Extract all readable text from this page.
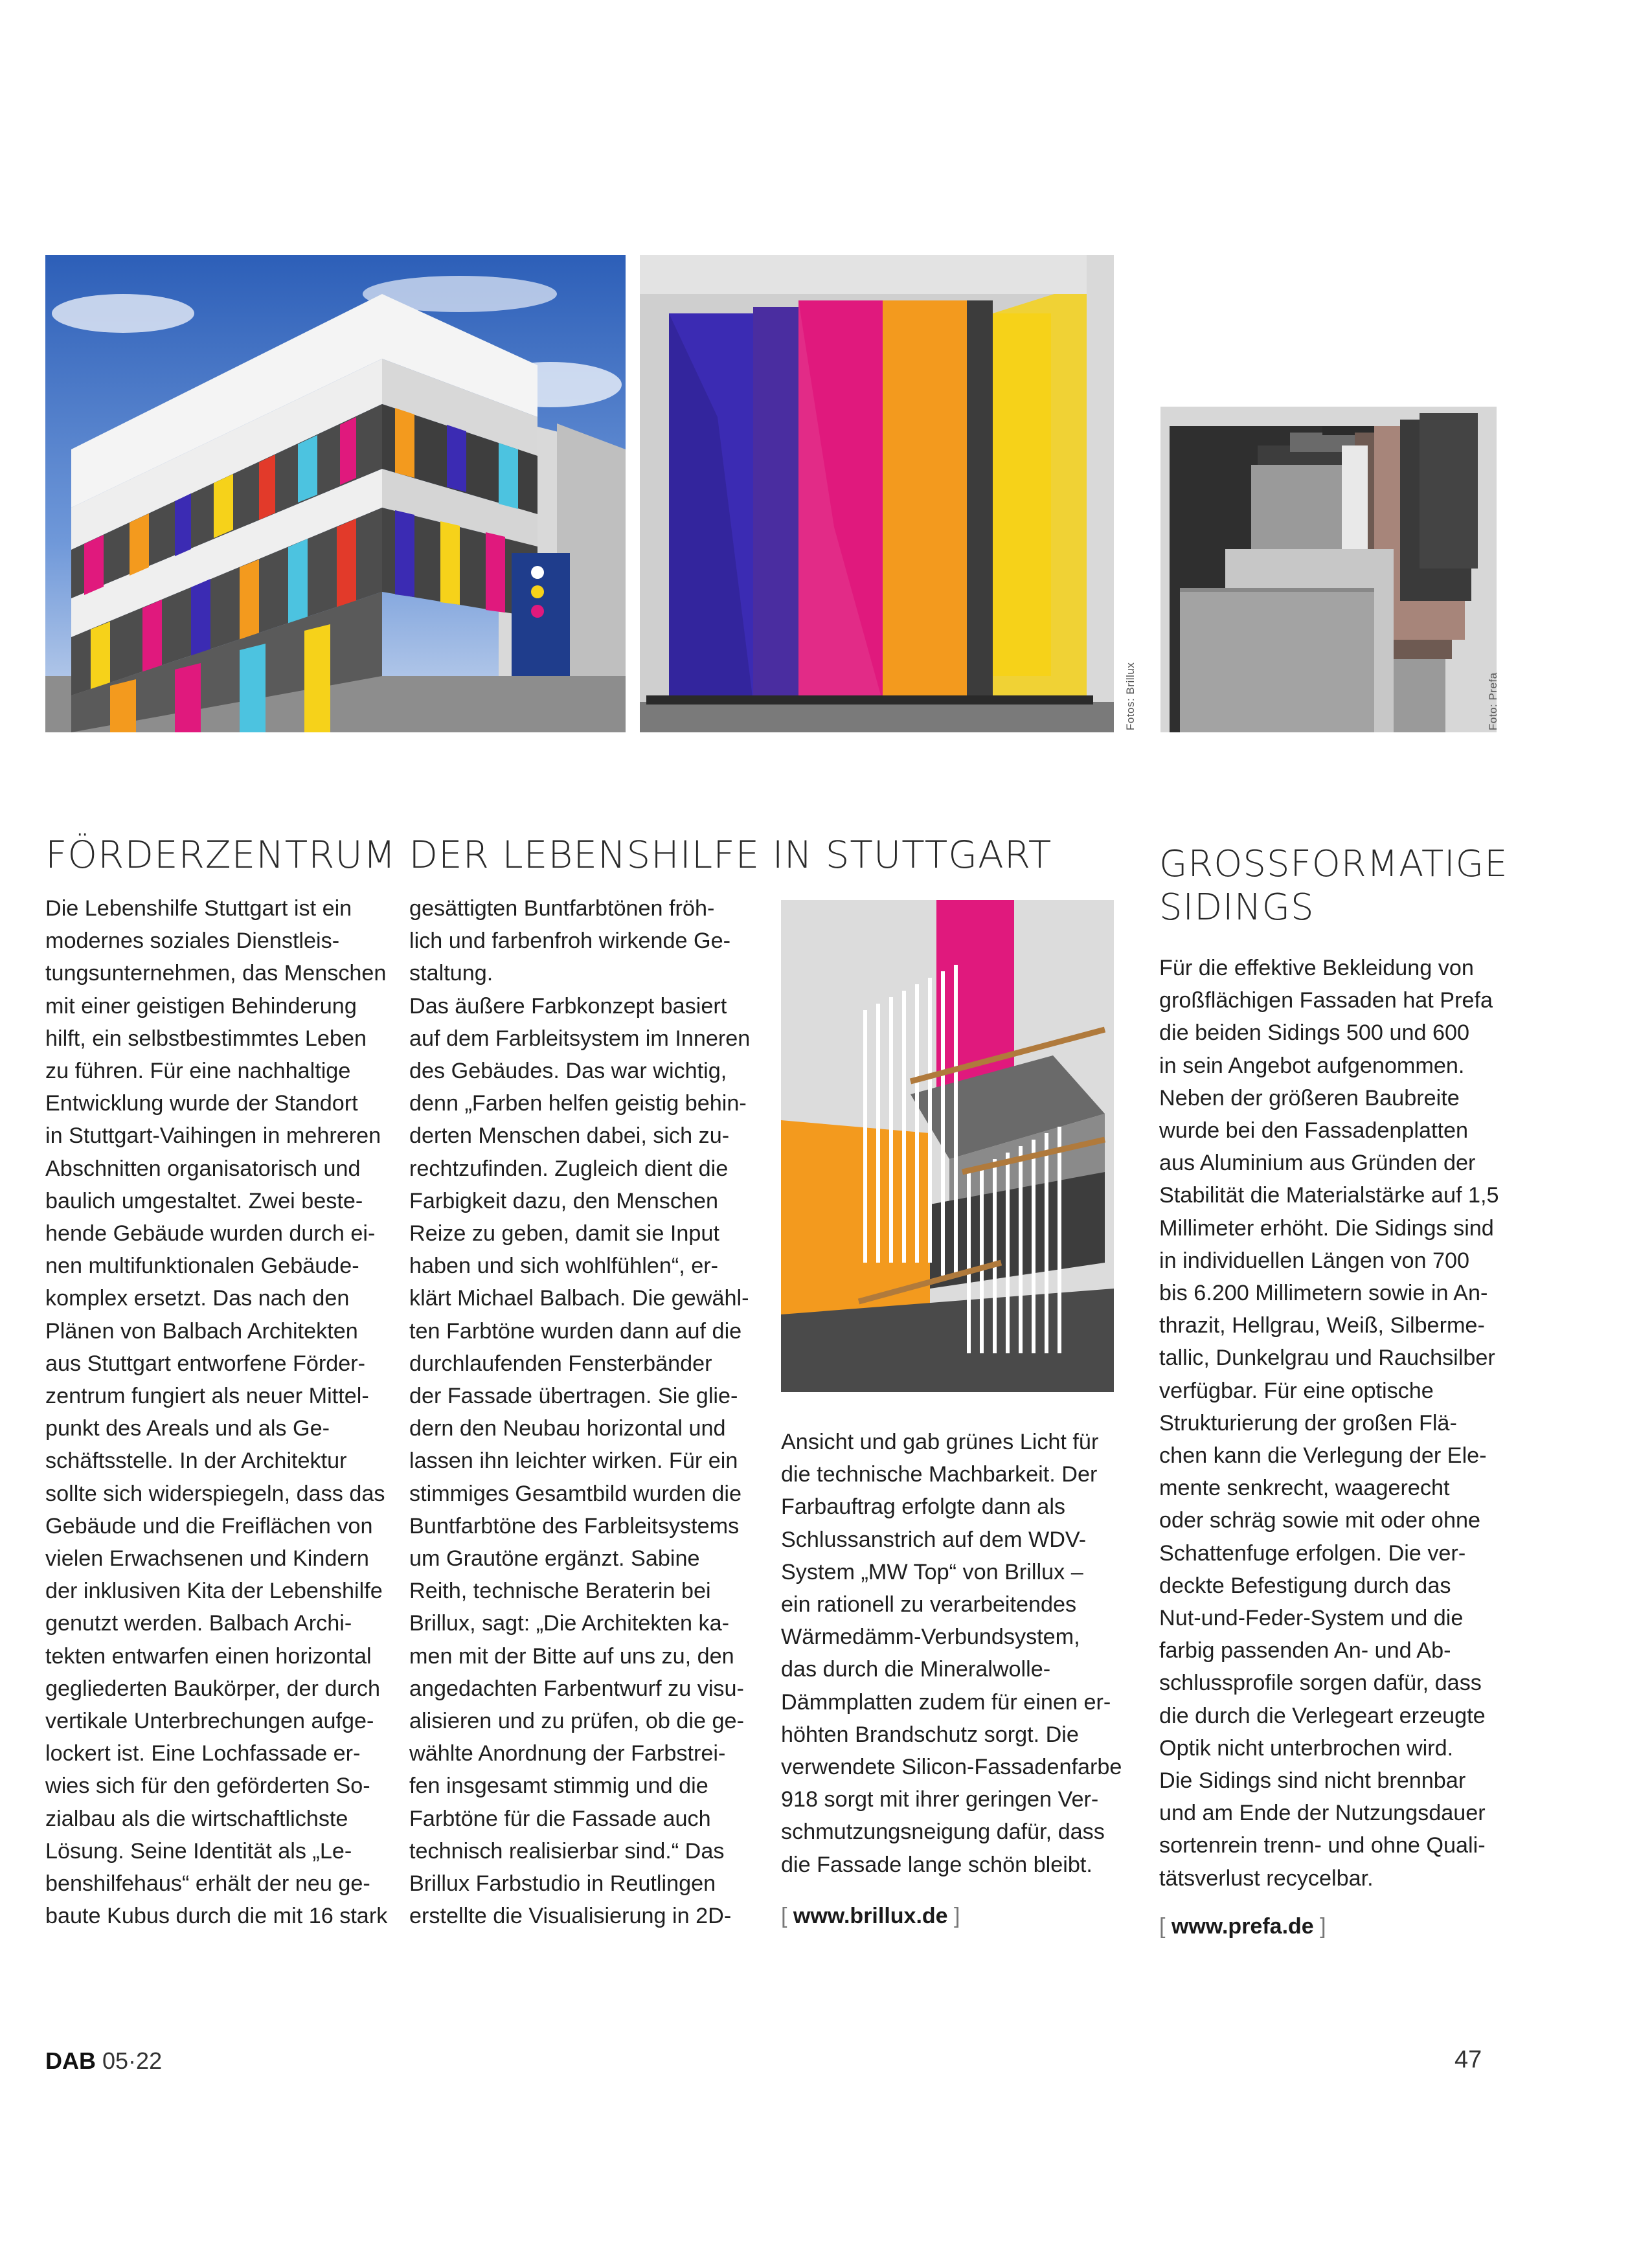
Fotos: Brillux	Foto: Prefa
FÖRDERZENTRUM DER LEBENSHILFE IN STUTTGART
Die Lebenshilfe Stuttgart ist ein
modernes soziales Dienstleis-
tungsunternehmen, das Menschen
mit einer geistigen Behinderung
hilft, ein selbstbestimmtes Leben
zu führen. Für eine nachhaltige
Entwicklung wurde der Standort
in Stuttgart-Vaihingen in mehreren
Abschnitten organisatorisch und
baulich umgestaltet. Zwei beste-
hende Gebäude wurden durch ei-
nen multifunktionalen Gebäude-
komplex ersetzt. Das nach den
Plänen von Balbach Architekten
aus Stuttgart entworfene Förder-
zentrum fungiert als neuer Mittel-
punkt des Areals und als Ge-
schäftsstelle. In der Architektur
sollte sich widerspiegeln, dass das
Gebäude und die Freiflächen von
vielen Erwachsenen und Kindern
der inklusiven Kita der Lebenshilfe
genutzt werden. Balbach Archi-
tekten entwarfen einen horizontal
gegliederten Baukörper, der durch
vertikale Unterbrechungen aufge-
lockert ist. Eine Lochfassade er-
wies sich für den geförderten So-
zialbau als die wirtschaftlichste
Lösung. Seine Identität als „Le-
benshilfehaus“ erhält der neu ge-
baute Kubus durch die mit 16 stark
gesättigten Buntfarbtönen fröh-
lich und farbenfroh wirkende Ge-
staltung.
Das äußere Farbkonzept basiert
auf dem Farbleitsystem im Inneren
des Gebäudes. Das war wichtig,
denn „Farben helfen geistig behin-
derten Menschen dabei, sich zu-
rechtzufinden. Zugleich dient die
Farbigkeit dazu, den Menschen
Reize zu geben, damit sie Input
haben und sich wohlfühlen“, er-
klärt Michael Balbach. Die gewähl-
ten Farbtöne wurden dann auf die
durchlaufenden Fensterbänder
der Fassade übertragen. Sie glie-
dern den Neubau horizontal und
lassen ihn leichter wirken. Für ein
stimmiges Gesamtbild wurden die
Buntfarbtöne des Farbleitsystems
um Grautöne ergänzt. Sabine
Reith, technische Beraterin bei
Brillux, sagt: „Die Architekten ka-
men mit der Bitte auf uns zu, den
angedachten Farbentwurf zu visu-
alisieren und zu prüfen, ob die ge-
wählte Anordnung der Farbstrei-
fen insgesamt stimmig und die
Farbtöne für die Fassade auch
technisch realisierbar sind.“ Das
Brillux Farbstudio in Reutlingen
erstellte die Visualisierung in 2D-
Ansicht und gab grünes Licht für
die technische Machbarkeit. Der
Farbauftrag erfolgte dann als
Schlussanstrich auf dem WDV-
System „MW Top“ von Brillux –
ein rationell zu verarbeitendes
Wärmedämm-Verbundsystem,
das durch die Mineralwolle-
Dämmplatten zudem für einen er-
höhten Brandschutz sorgt. Die
verwendete Silicon-Fassadenfarbe
918 sorgt mit ihrer geringen Ver-
schmutzungsneigung dafür, dass
die Fassade lange schön bleibt.
[ www.brillux.de ]
GROSSFORMATIGE
SIDINGS
Für die effektive Bekleidung von
großflächigen Fassaden hat Prefa
die beiden Sidings 500 und 600
in sein Angebot aufgenommen.
Neben der größeren Baubreite
wurde bei den Fassadenplatten
aus Aluminium aus Gründen der
Stabilität die Materialstärke auf 1,5
Millimeter erhöht. Die Sidings sind
in individuellen Längen von 700
bis 6.200 Millimetern sowie in An-
thrazit, Hellgrau, Weiß, Silberme-
tallic, Dunkelgrau und Rauchsilber
verfügbar. Für eine optische
Strukturierung der großen Flä-
chen kann die Verlegung der Ele-
mente senkrecht, waagerecht
oder schräg sowie mit oder ohne
Schattenfuge erfolgen. Die ver-
deckte Befestigung durch das
Nut-und-Feder-System und die
farbig passenden An- und Ab-
schlussprofile sorgen dafür, dass
die durch die Verlegeart erzeugte
Optik nicht unterbrochen wird.
Die Sidings sind nicht brennbar
und am Ende der Nutzungsdauer
sortenrein trenn- und ohne Quali-
tätsverlust recycelbar.
[ www.prefa.de ]
DAB 05·22	47
